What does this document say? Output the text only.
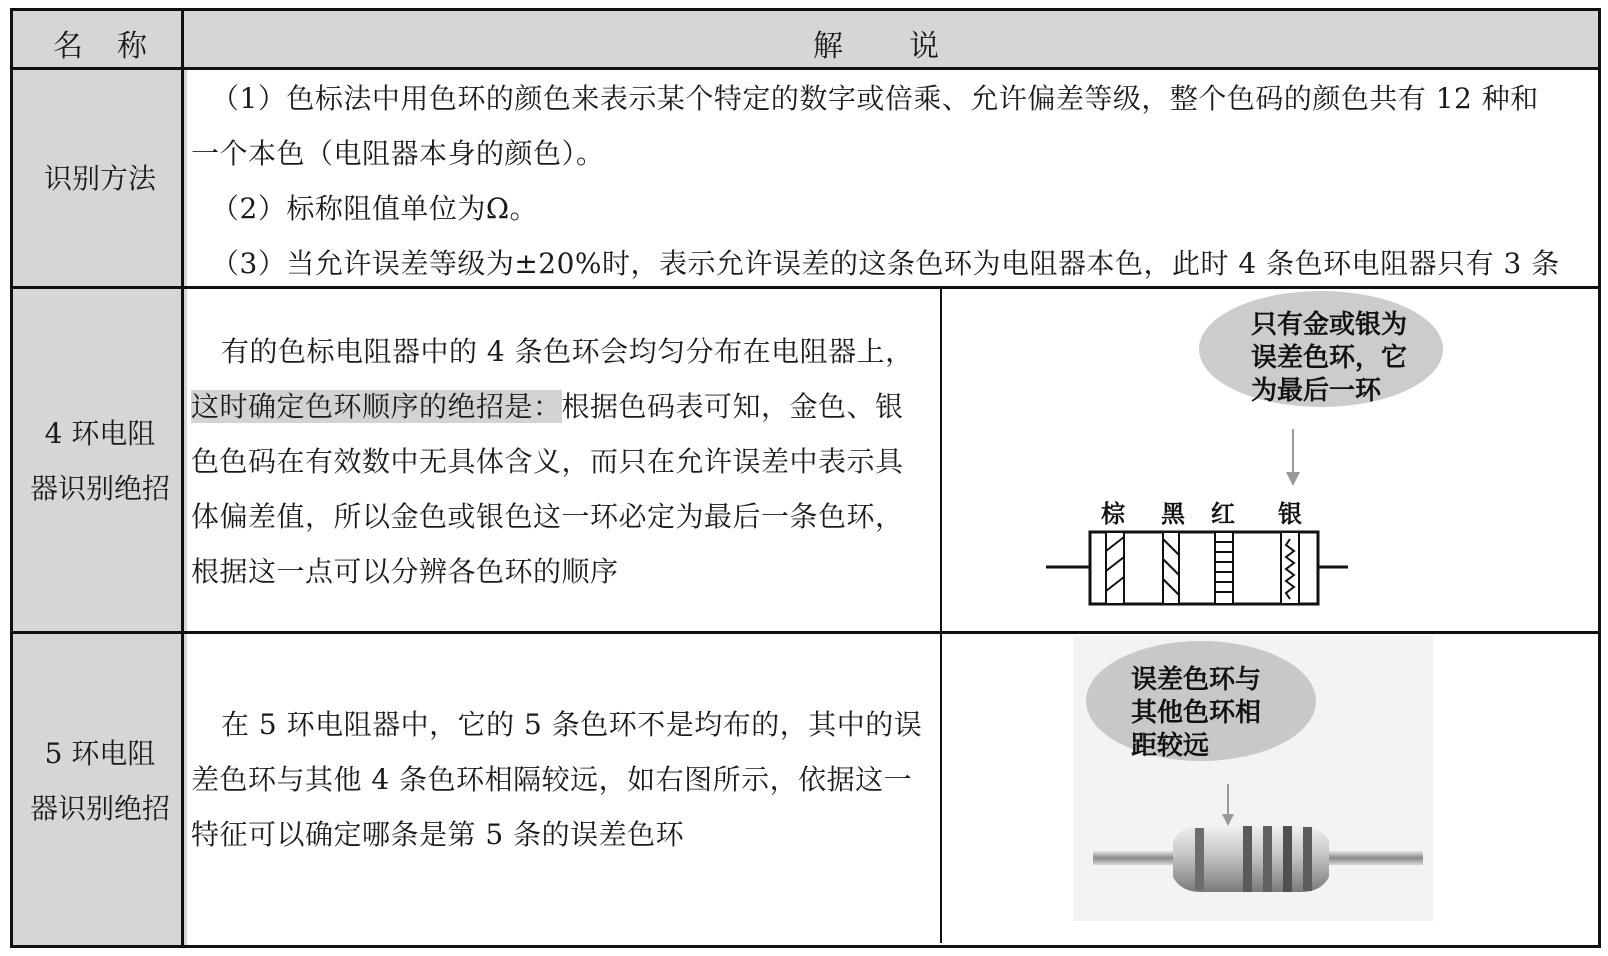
名　称	解　　说
识别方法
（1）色标法中用色环的颜色来表示某个特定的数字或倍乘、允许偏差等级，整个色码的颜色共有 12 种和
一个本色（电阻器本身的颜色）。
（2）标称阻值单位为Ω。
（3）当允许误差等级为±20%时，表示允许误差的这条色环为电阻器本色，此时 4 条色环电阻器只有 3 条
4 环电阻
器识别绝招
有的色标电阻器中的 4 条色环会均匀分布在电阻器上，
这时确定色环顺序的绝招是：根据色码表可知，金色、银
色色码在有效数中无具体含义，而只在允许误差中表示具
体偏差值，所以金色或银色这一环必定为最后一条色环，
根据这一点可以分辨各色环的顺序
只有金或银为
误差色环，它
为最后一环
棕 黑 红 银
5 环电阻
器识别绝招
在 5 环电阻器中，它的 5 条色环不是均布的，其中的误
差色环与其他 4 条色环相隔较远，如右图所示，依据这一
特征可以确定哪条是第 5 条的误差色环
误差色环与
其他色环相
距较远
